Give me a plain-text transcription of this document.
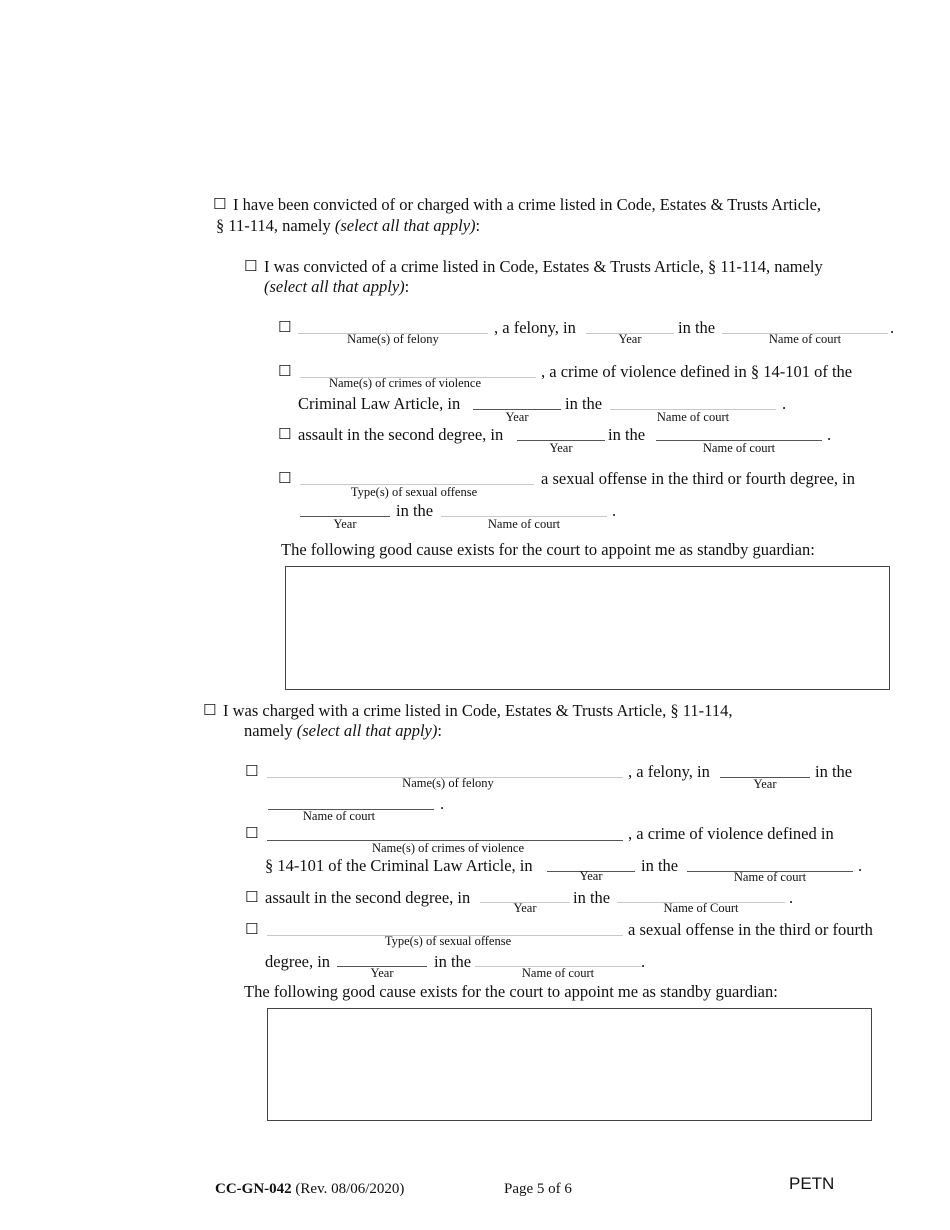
☐ I have been convicted of or charged with a crime listed in Code, Estates & Trusts Article,
§ 11-114, namely (select all that apply):
☐ I was convicted of a crime listed in Code, Estates & Trusts Article, § 11-114, namely
(select all that apply):
☐	, a felony, in	in the	.
Name(s) of felony	Year	Name of court
☐	, a crime of violence defined in § 14-101 of the
Name(s) of crimes of violence
Criminal Law Article, in	in the	.
Year	Name of court
☐ assault in the second degree, in	in the	.
Year	Name of court
☐	a sexual offense in the third or fourth degree, in
Type(s) of sexual offense
in the	.
Year	Name of court
The following good cause exists for the court to appoint me as standby guardian:
☐ I was charged with a crime listed in Code, Estates & Trusts Article, § 11-114,
namely (select all that apply):
☐	, a felony, in	in the
Name(s) of felony	Year
.
Name of court
☐	, a crime of violence defined in
Name(s) of crimes of violence
§ 14-101 of the Criminal Law Article, in	in the	.
Year	Name of court
☐ assault in the second degree, in	in the	.
Year	Name of Court
☐	a sexual offense in the third or fourth
Type(s) of sexual offense
degree, in	in the	.
Year	Name of court
The following good cause exists for the court to appoint me as standby guardian:
CC-GN-042 (Rev. 08/06/2020)	Page 5 of 6	PETN
